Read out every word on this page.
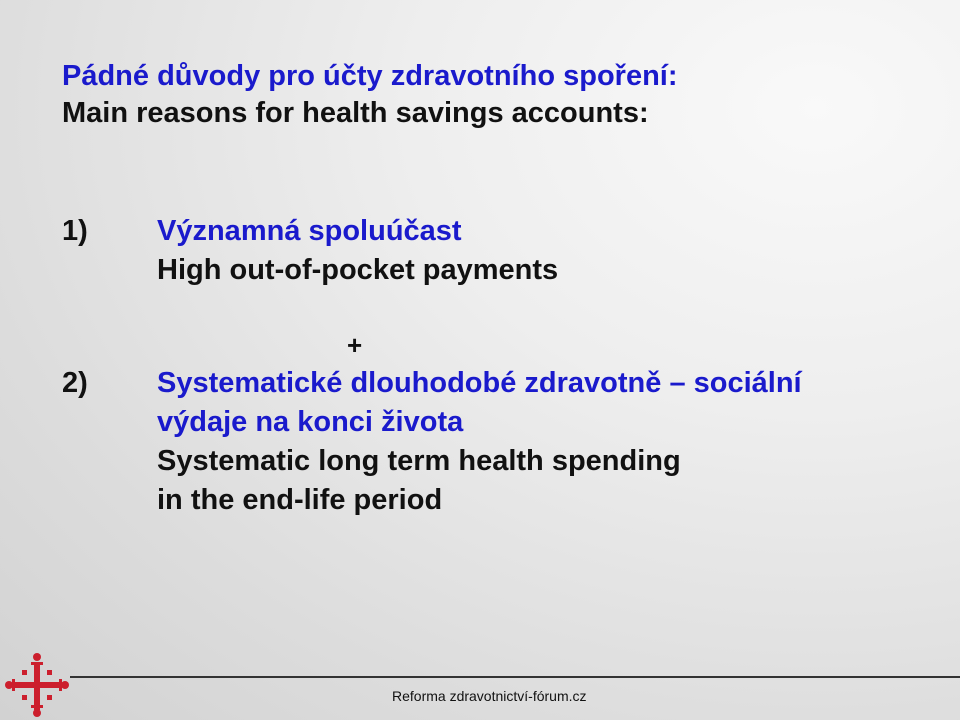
Pádné důvody pro účty zdravotního spoření:
Main reasons for health savings accounts:
1) Významná spoluúčast
High out-of-pocket payments
+
2) Systematické dlouhodobé zdravotně – sociální
výdaje na konci života
Systematic long term health spending
in the end-life period
Reforma zdravotnictví-fórum.cz
